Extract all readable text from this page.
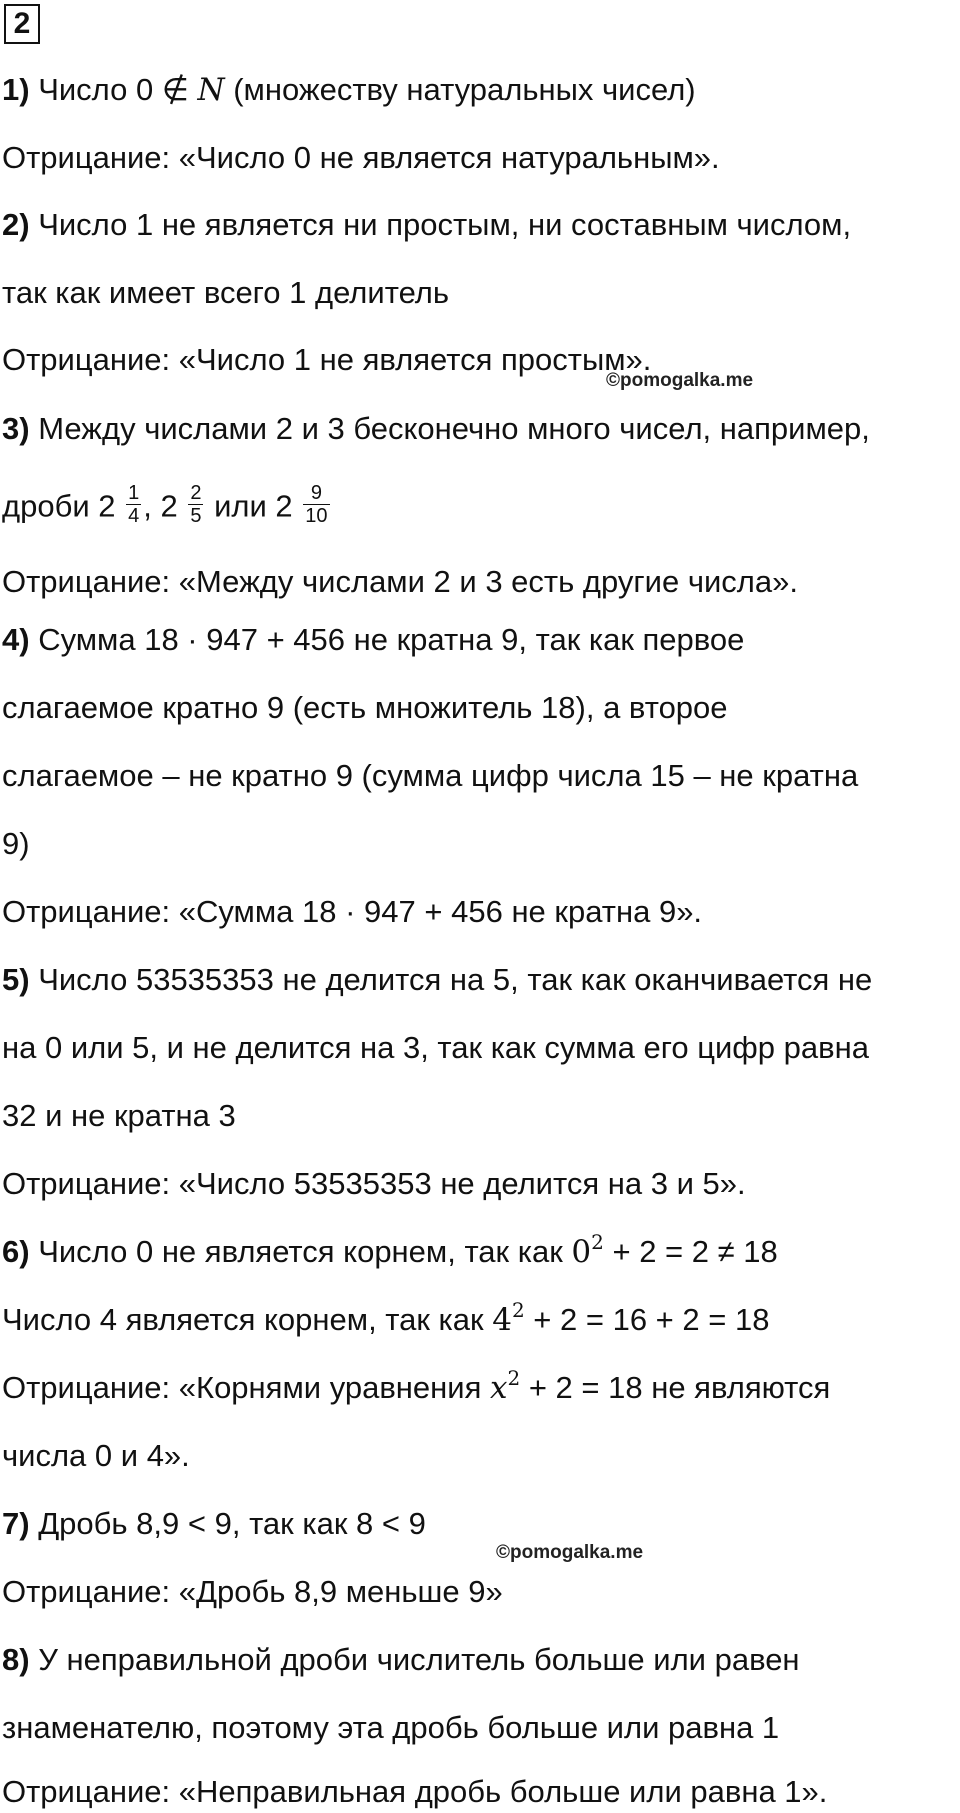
2
1) Число 0 ∉ N (множеству натуральных чисел)
Отрицание: «Число 0 не является натуральным».
2) Число 1 не является ни простым, ни составным числом,
так как имеет всего 1 делитель
Отрицание: «Число 1 не является простым».
©pomogalka.me
3) Между числами 2 и 3 бесконечно много чисел, например,
дроби $2 \frac{1}{4}$ , $2 \frac{2}{5}$ или $2 \frac{9}{10}$
Отрицание: «Между числами 2 и 3 есть другие числа».
4) Сумма 18 · 947 + 456 не кратна 9, так как первое
слагаемое кратно 9 (есть множитель 18), а второе
слагаемое – не кратно 9 (сумма цифр числа 15 – не кратна
9)
Отрицание: «Сумма 18 · 947 + 456 не кратна 9».
5) Число 53535353 не делится на 5, так как оканчивается не
на 0 или 5, и не делится на 3, так как сумма его цифр равна
32 и не кратна 3
Отрицание: «Число 53535353 не делится на 3 и 5».
6) Число 0 не является корнем, так как $0^2 + 2 = 2 \ne 18$
Число 4 является корнем, так как $4^2 + 2 = 16 + 2 = 18$
Отрицание: «Корнями уравнения $x^2 + 2 = 18$ не являются
числа 0 и 4».
7) Дробь 8,9 < 9, так как 8 < 9
©pomogalka.me
Отрицание: «Дробь 8,9 меньше 9»
8) У неправильной дроби числитель больше или равен
знаменателю, поэтому эта дробь больше или равна 1
Отрицание: «Неправильная дробь больше или равна 1».
